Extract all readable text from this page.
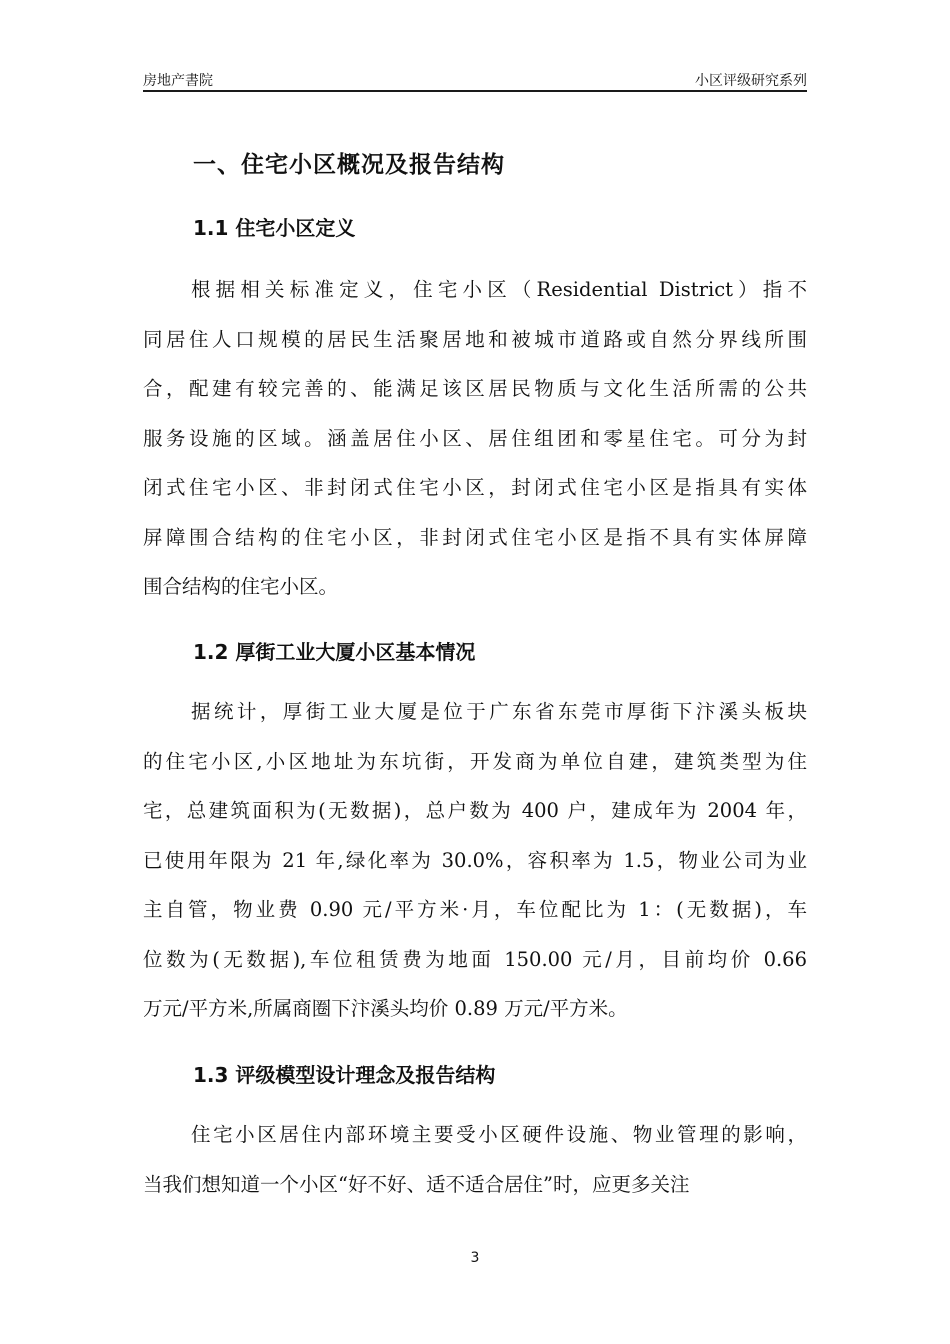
房地产書院	小区评级研究系列
一、住宅小区概况及报告结构
1.1 住宅小区定义
根据相关标准定义，住宅小区（Residential District）指不
同居住人口规模的居民生活聚居地和被城市道路或自然分界线所围
合，配建有较完善的、能满足该区居民物质与文化生活所需的公共
服务设施的区域。涵盖居住小区、居住组团和零星住宅。可分为封
闭式住宅小区、非封闭式住宅小区，封闭式住宅小区是指具有实体
屏障围合结构的住宅小区，非封闭式住宅小区是指不具有实体屏障
围合结构的住宅小区。
1.2 厚街工业大厦小区基本情况
据统计，厚街工业大厦是位于广东省东莞市厚街下汴溪头板块
的住宅小区,小区地址为东坑街，开发商为单位自建，建筑类型为住
宅，总建筑面积为(无数据)，总户数为 400 户，建成年为 2004 年，
已使用年限为 21 年,绿化率为 30.0%，容积率为 1.5，物业公司为业
主自管，物业费 0.90 元/平方米·月，车位配比为 1：(无数据)，车
位数为(无数据),车位租赁费为地面 150.00 元/月，目前均价 0.66
万元/平方米,所属商圈下汴溪头均价 0.89 万元/平方米。
1.3 评级模型设计理念及报告结构
住宅小区居住内部环境主要受小区硬件设施、物业管理的影响，
当我们想知道一个小区“好不好、适不适合居住”时，应更多关注
3
